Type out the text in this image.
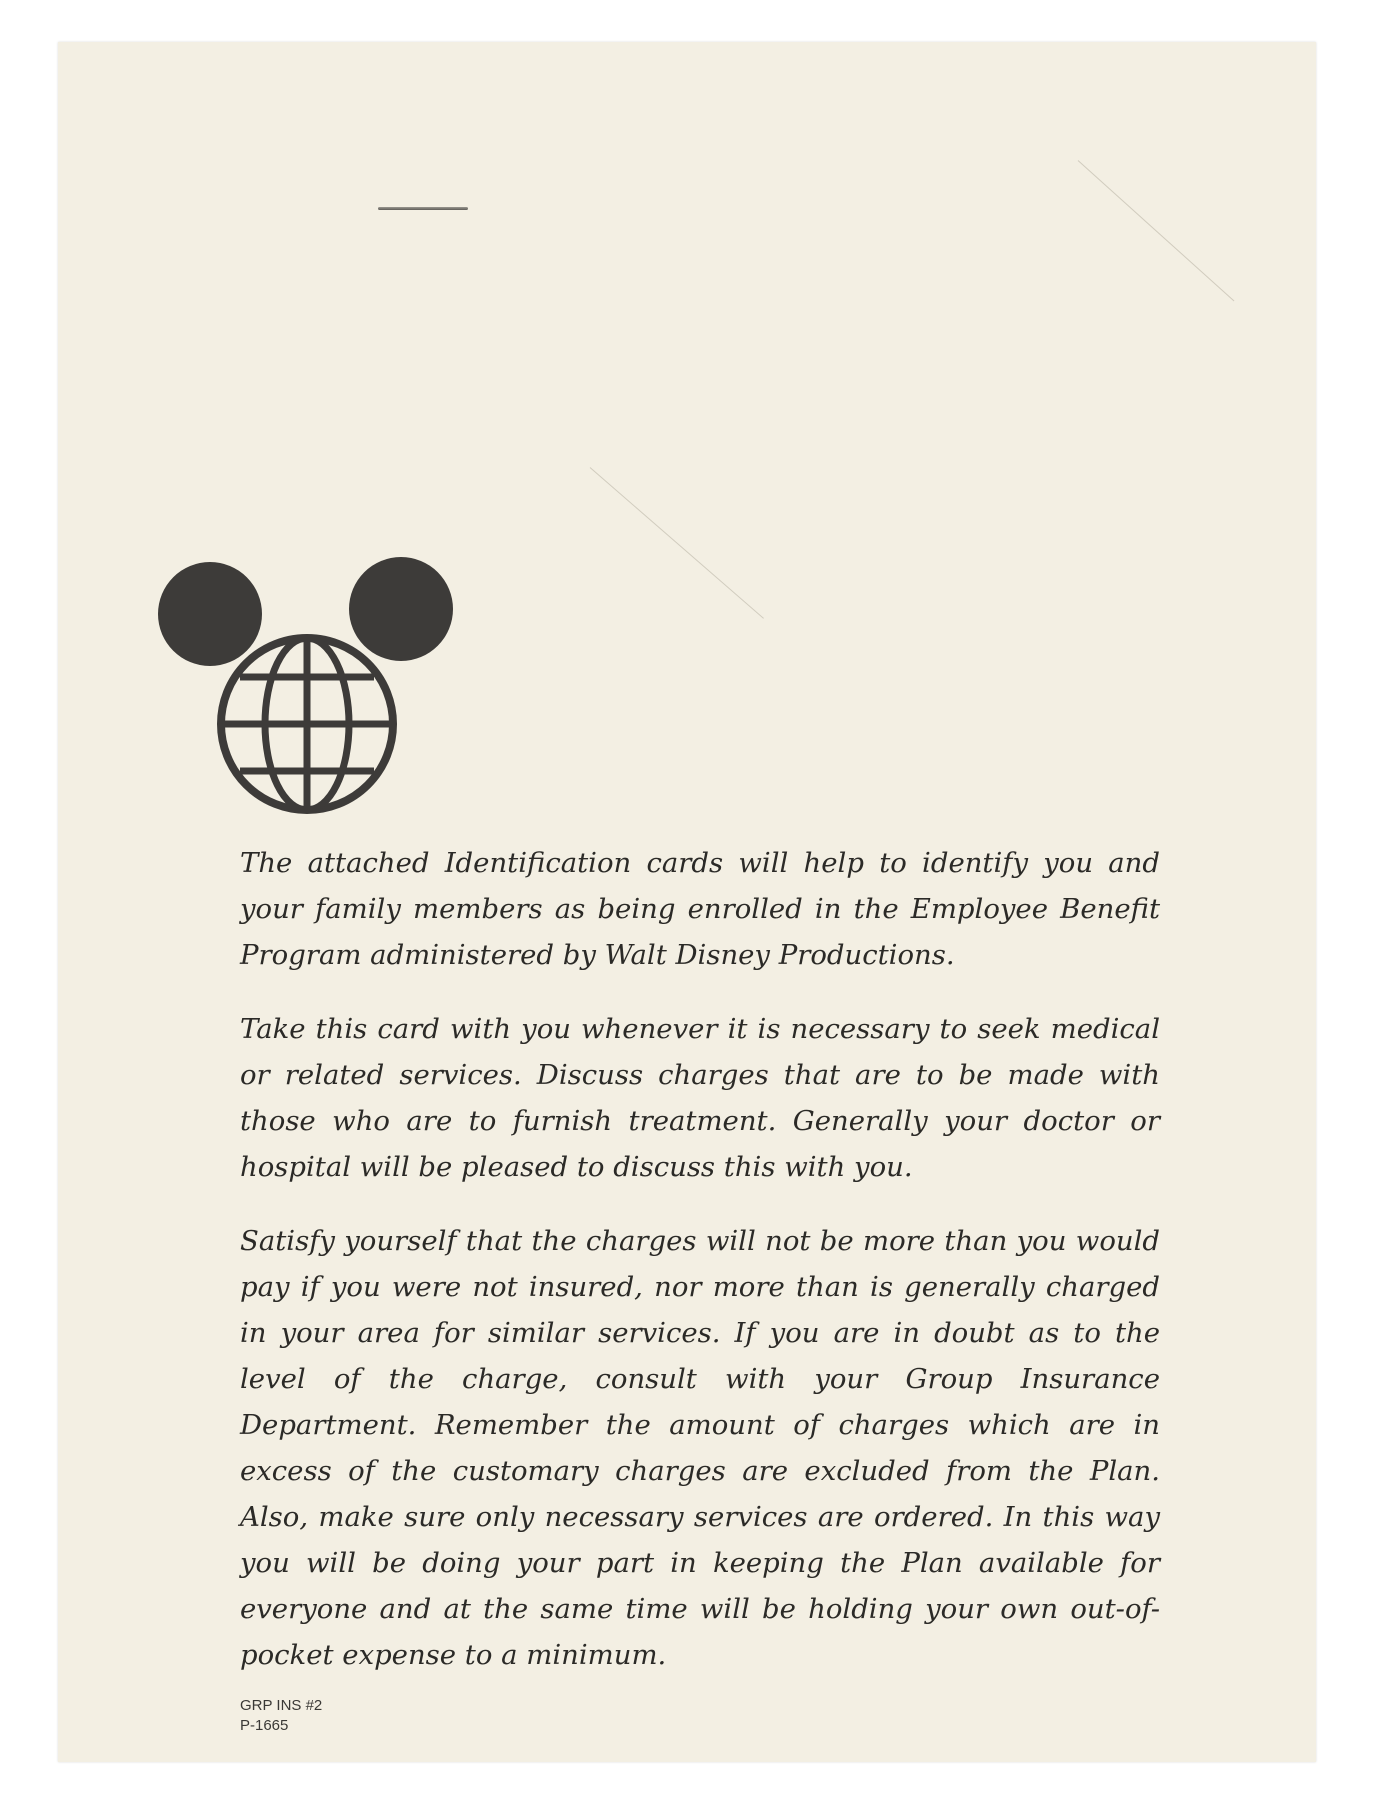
The attached Identification cards will help to identify you and your family members as being enrolled in the Employee Benefit Program administered by Walt Disney Productions.

Take this card with you whenever it is necessary to seek medical or related services. Discuss charges that are to be made with those who are to furnish treatment. Generally your doctor or hospital will be pleased to discuss this with you.

Satisfy yourself that the charges will not be more than you would pay if you were not insured, nor more than is generally charged in your area for similar services. If you are in doubt as to the level of the charge, consult with your Group Insurance Department. Remember the amount of charges which are in excess of the customary charges are excluded from the Plan. Also, make sure only necessary services are ordered. In this way you will be doing your part in keeping the Plan available for everyone and at the same time will be holding your own out-of-pocket expense to a minimum.

GRP INS #2
P-1665
